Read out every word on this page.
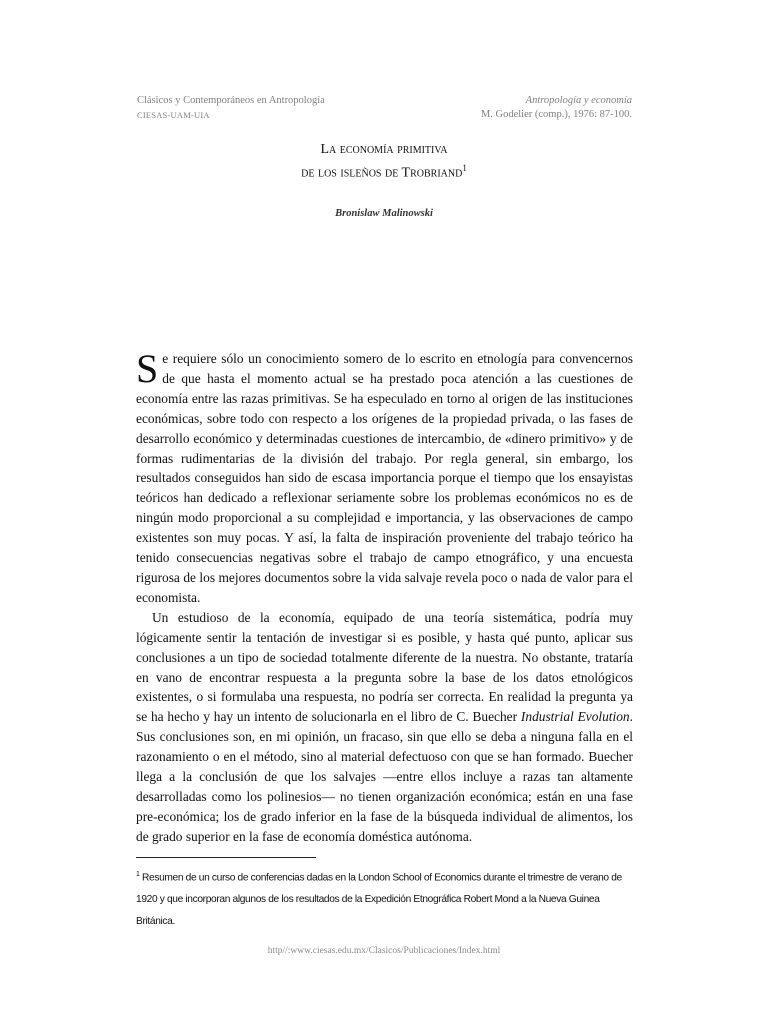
Clásicos y Contemporáneos en Antropología
CIESAS-UAM-UIA
Antropología y economía
M. Godelier (comp.), 1976: 87-100.
La economía primitiva
de los isleños de Trobriand$^1$
Bronislaw Malinowski

Se requiere sólo un conocimiento somero de lo escrito en etnología para convencernos de que hasta el momento actual se ha prestado poca atención a las cuestiones de economía entre las razas primitivas. Se ha especulado en torno al origen de las instituciones económicas, sobre todo con respecto a los orígenes de la propiedad privada, o las fases de desarrollo económico y determinadas cuestiones de intercambio, de «dinero primitivo» y de formas rudimentarias de la división del trabajo. Por regla general, sin embargo, los resultados conseguidos han sido de escasa importancia porque el tiempo que los ensayistas teóricos han dedicado a reflexionar seriamente sobre los problemas económicos no es de ningún modo proporcional a su complejidad e importancia, y las observaciones de campo existentes son muy pocas. Y así, la falta de inspiración proveniente del trabajo teórico ha tenido consecuencias negativas sobre el trabajo de campo etnográfico, y una encuesta rigurosa de los mejores documentos sobre la vida salvaje revela poco o nada de valor para el economista.

Un estudioso de la economía, equipado de una teoría sistemática, podría muy lógicamente sentir la tentación de investigar si es posible, y hasta qué punto, aplicar sus conclusiones a un tipo de sociedad totalmente diferente de la nuestra. No obstante, trataría en vano de encontrar respuesta a la pregunta sobre la base de los datos etnológicos existentes, o si formulaba una respuesta, no podría ser correcta. En realidad la pregunta ya se ha hecho y hay un intento de solucionarla en el libro de C. Buecher Industrial Evolution. Sus conclusiones son, en mi opinión, un fracaso, sin que ello se deba a ninguna falla en el razonamiento o en el método, sino al material defectuoso con que se han formado. Buecher llega a la conclusión de que los salvajes —entre ellos incluye a razas tan altamente desarrolladas como los polinesios— no tienen organización económica; están en una fase pre-económica; los de grado inferior en la fase de la búsqueda individual de alimentos, los de grado superior en la fase de economía doméstica autónoma.

$^1$ Resumen de un curso de conferencias dadas en la London School of Economics durante el trimestre de verano de 1920 y que incorporan algunos de los resultados de la Expedición Etnográfica Robert Mond a la Nueva Guinea Británica.
http//:www.ciesas.edu.mx/Clasicos/Publicaciones/Index.html
